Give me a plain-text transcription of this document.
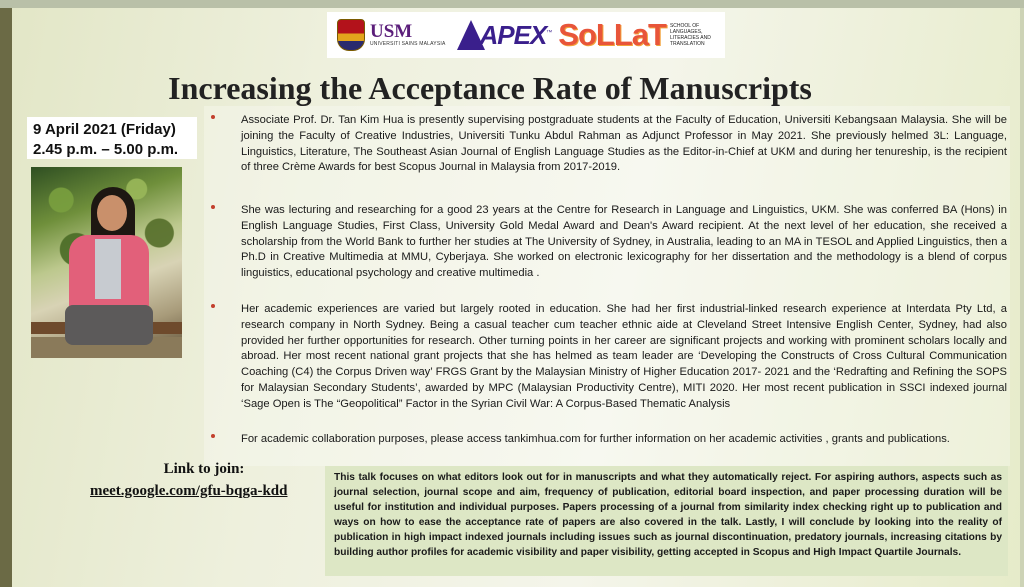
USM
UNIVERSITI SAINS MALAYSIA APEX ™ SoLLaT SCHOOL OF LANGUAGES, LITERACIES AND TRANSLATION
Increasing the Acceptance Rate of Manuscripts
9 April 2021 (Friday)
2.45 p.m. – 5.00 p.m.
Associate Prof. Dr. Tan Kim Hua is presently supervising postgraduate students at the Faculty of Education, Universiti Kebangsaan Malaysia. She will be joining the Faculty of Creative Industries, Universiti Tunku Abdul Rahman as Adjunct Professor in May 2021. She previously helmed 3L: Language, Linguistics, Literature, The Southeast Asian Journal of English Language Studies as the Editor-in-Chief at UKM and during her tenureship, is the recipient of three Crème Awards for best Scopus Journal in Malaysia from 2017-2019.
She was lecturing and researching for a good 23 years at the Centre for Research in Language and Linguistics, UKM. She was conferred BA (Hons) in English Language Studies, First Class, University Gold Medal Award and Dean's Award recipient. At the next level of her education, she received a scholarship from the World Bank to further her studies at The University of Sydney, in Australia, leading to an MA in TESOL and Applied Linguistics, then a Ph.D in Creative Multimedia at MMU, Cyberjaya. She worked on electronic lexicography for her dissertation and the methodology is a blend of corpus linguistics, educational psychology and creative multimedia .
Her academic experiences are varied but largely rooted in education. She had her first industrial-linked research experience at Interdata Pty Ltd, a research company in North Sydney. Being a casual teacher cum teacher ethnic aide at Cleveland Street Intensive English Center, Sydney, had also provided her further opportunities for research. Other turning points in her career are significant projects and working with prominent scholars locally and abroad. Her most recent national grant projects that she has helmed as team leader are ‘Developing the Constructs of Cross Cultural Communication Coaching (C4) the Corpus Driven way’ FRGS Grant by the Malaysian Ministry of Higher Education 2017- 2021 and the ‘Redrafting and Refining the SOPS for Malaysian Secondary Students’, awarded by MPC (Malaysian Productivity Centre), MITI 2020. Her most recent publication in SSCI indexed journal ‘Sage Open is The “Geopolitical” Factor in the Syrian Civil War: A Corpus-Based Thematic Analysis
For academic collaboration purposes, please access tankimhua.com for further information on her academic activities , grants and publications.
Link to join:
meet.google.com/gfu-bqga-kdd
This talk focuses on what editors look out for in manuscripts and what they automatically reject. For aspiring authors, aspects such as journal selection, journal scope and aim, frequency of publication, editorial board inspection, and paper processing duration will be useful for institution and individual purposes. Papers processing of a journal from similarity index checking right up to publication and ways on how to ease the acceptance rate of papers are also covered in the talk. Lastly, I will conclude by looking into the reality of publication in high impact indexed journals including issues such as journal discontinuation, predatory journals, increasing citations by building author profiles for academic visibility and paper visibility, getting accepted in Scopus and High Impact Quartile Journals.
